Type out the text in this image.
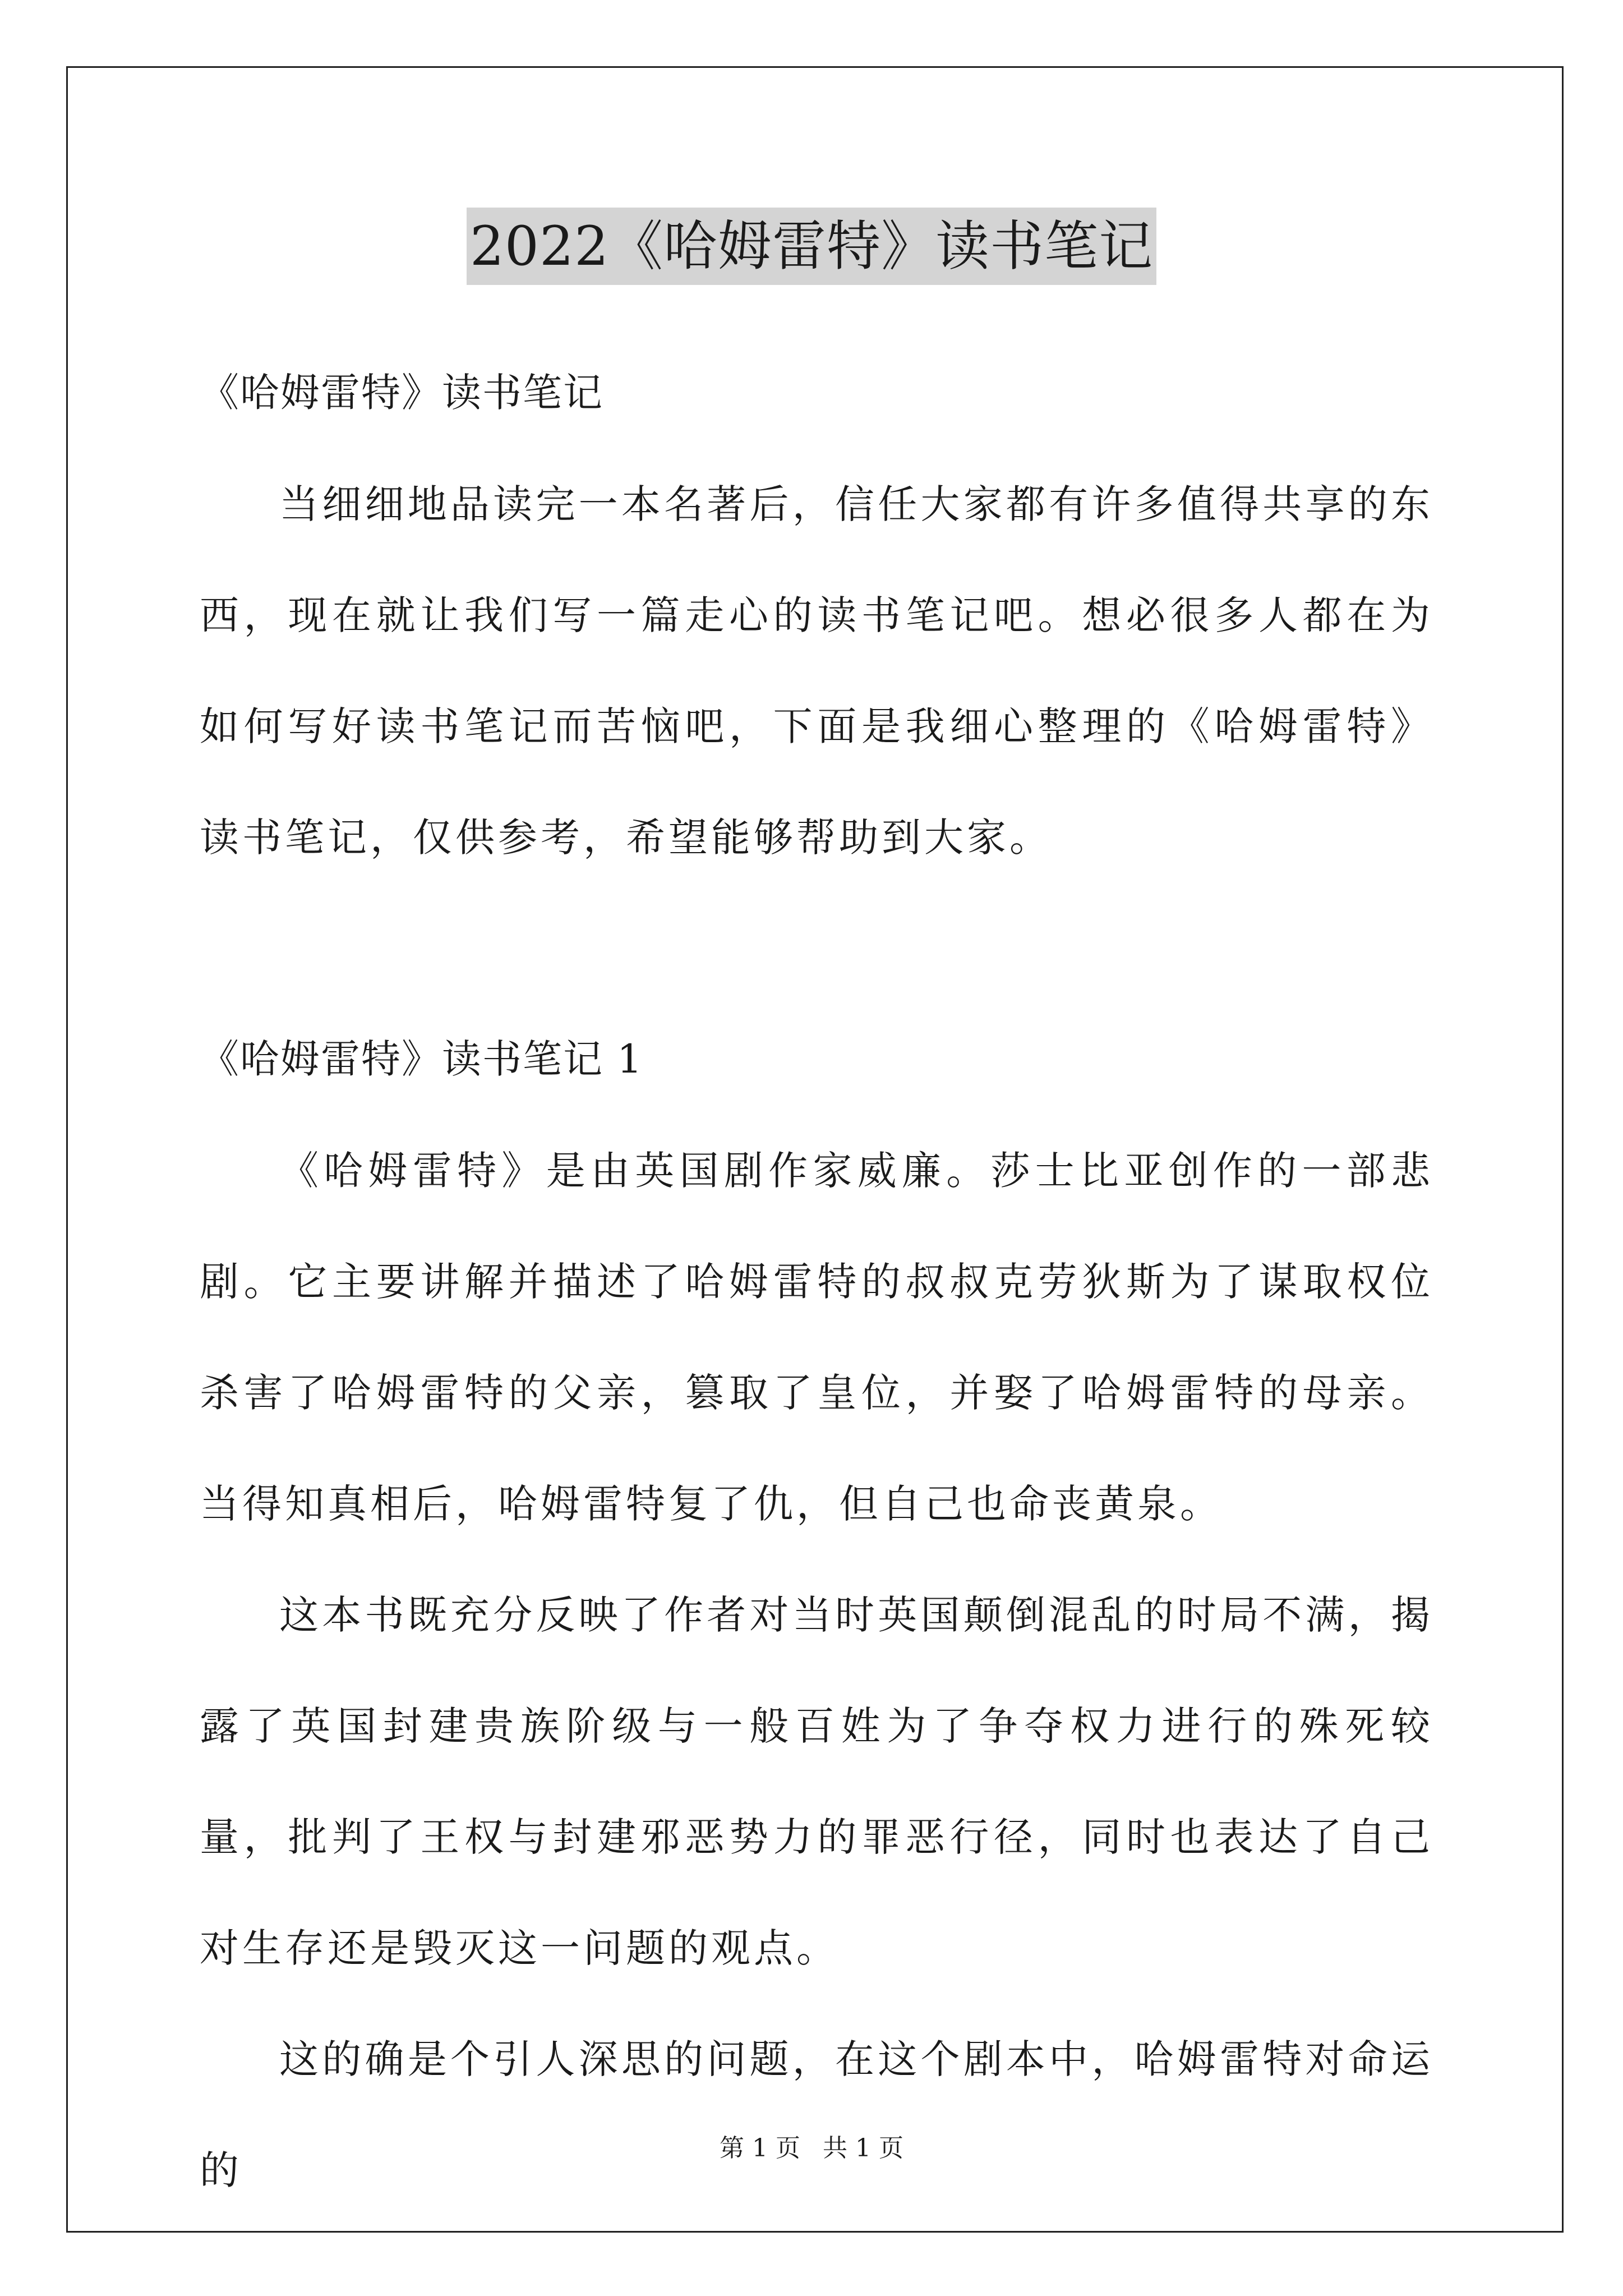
2022《哈姆雷特》读书笔记

《哈姆雷特》读书笔记

当细细地品读完一本名著后，信任大家都有许多值得共享的东西，现在就让我们写一篇走心的读书笔记吧。想必很多人都在为如何写好读书笔记而苦恼吧，下面是我细心整理的《哈姆雷特》读书笔记，仅供参考，希望能够帮助到大家。

《哈姆雷特》读书笔记 1

《哈姆雷特》是由英国剧作家威廉。莎士比亚创作的一部悲剧。它主要讲解并描述了哈姆雷特的叔叔克劳狄斯为了谋取权位杀害了哈姆雷特的父亲，篡取了皇位，并娶了哈姆雷特的母亲。当得知真相后，哈姆雷特复了仇，但自己也命丧黄泉。

这本书既充分反映了作者对当时英国颠倒混乱的时局不满，揭露了英国封建贵族阶级与一般百姓为了争夺权力进行的殊死较量，批判了王权与封建邪恶势力的罪恶行径，同时也表达了自己对生存还是毁灭这一问题的观点。

这的确是个引人深思的问题，在这个剧本中，哈姆雷特对命运的	第 1 页 共 1 页
